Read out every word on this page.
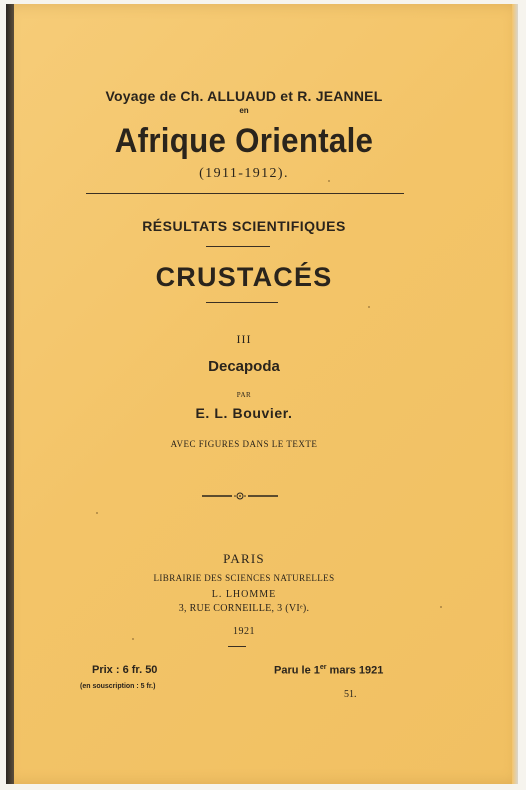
Voyage de Ch. ALLUAUD et R. JEANNEL
en
Afrique Orientale
(1911-1912).
RÉSULTATS SCIENTIFIQUES
CRUSTACÉS
III
Decapoda
PAR
E. L. Bouvier.
AVEC FIGURES DANS LE TEXTE
PARIS
LIBRAIRIE DES SCIENCES NATURELLES
L. LHOMME
3, RUE CORNEILLE, 3 (VIᵉ).
1921
Prix : 6 fr. 50
(en souscription : 5 fr.)
Paru le 1er mars 1921
51.
